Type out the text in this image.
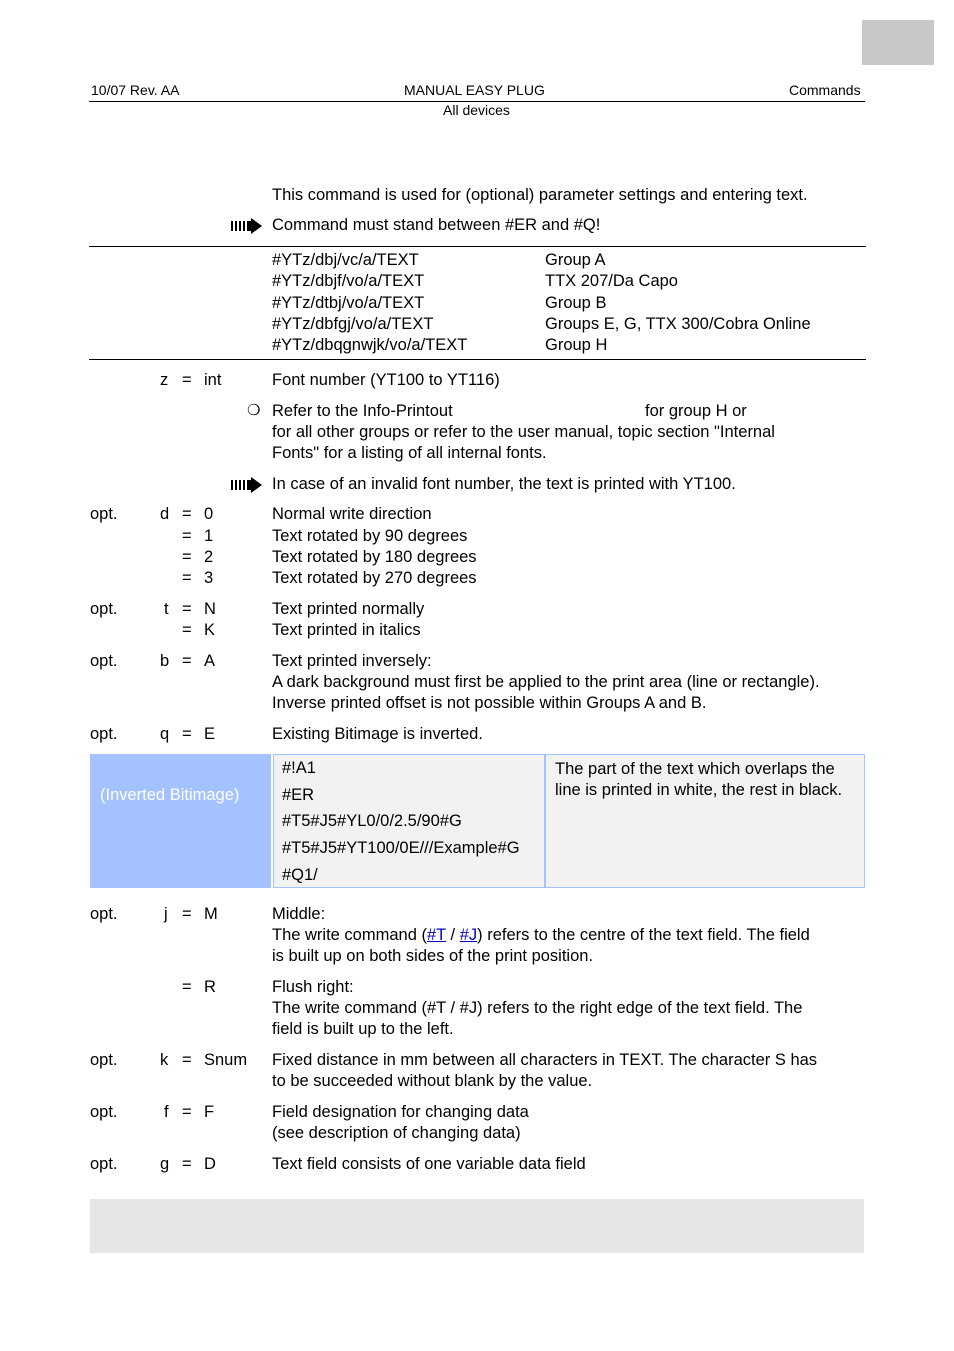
10/07 Rev. AA	MANUAL EASY PLUG	Commands
All devices
This command is used for (optional) parameter settings and entering text.
Command must stand between #ER and #Q!
#YTz/dbj/vc/a/TEXT	Group A
#YTz/dbjf/vo/a/TEXT	TTX 207/Da Capo
#YTz/dtbj/vo/a/TEXT	Group B
#YTz/dbfgj/vo/a/TEXT	Groups E, G, TTX 300/Cobra Online
#YTz/dbqgnwjk/vo/a/TEXT	Group H
z = int	Font number (YT100 to YT116)
❍ Refer to the Info-Printout	for group H or
for all other groups or refer to the user manual, topic section "Internal
Fonts" for a listing of all internal fonts.
In case of an invalid font number, the text is printed with YT100.
opt.	d = 0	Normal write direction
= 1	Text rotated by 90 degrees
= 2	Text rotated by 180 degrees
= 3	Text rotated by 270 degrees
opt.	t = N	Text printed normally
= K	Text printed in italics
opt.	b = A	Text printed inversely:
A dark background must first be applied to the print area (line or rectangle).
Inverse printed offset is not possible within Groups A and B.
opt.	q = E	Existing Bitimage is inverted.
(Inverted Bitimage)
#!A1
#ER
#T5#J5#YL0/0/2.5/90#G
#T5#J5#YT100/0E///Example#G
#Q1/
The part of the text which overlaps the line is printed in white, the rest in black.
opt.	j = M	Middle:
The write command (#T / #J) refers to the centre of the text field. The field
is built up on both sides of the print position.
= R	Flush right:
The write command (#T / #J) refers to the right edge of the text field. The
field is built up to the left.
opt.	k = Snum Fixed distance in mm between all characters in TEXT. The character S has
to be succeeded without blank by the value.
opt.	f = F	Field designation for changing data
(see description of changing data)
opt.	g = D	Text field consists of one variable data field
